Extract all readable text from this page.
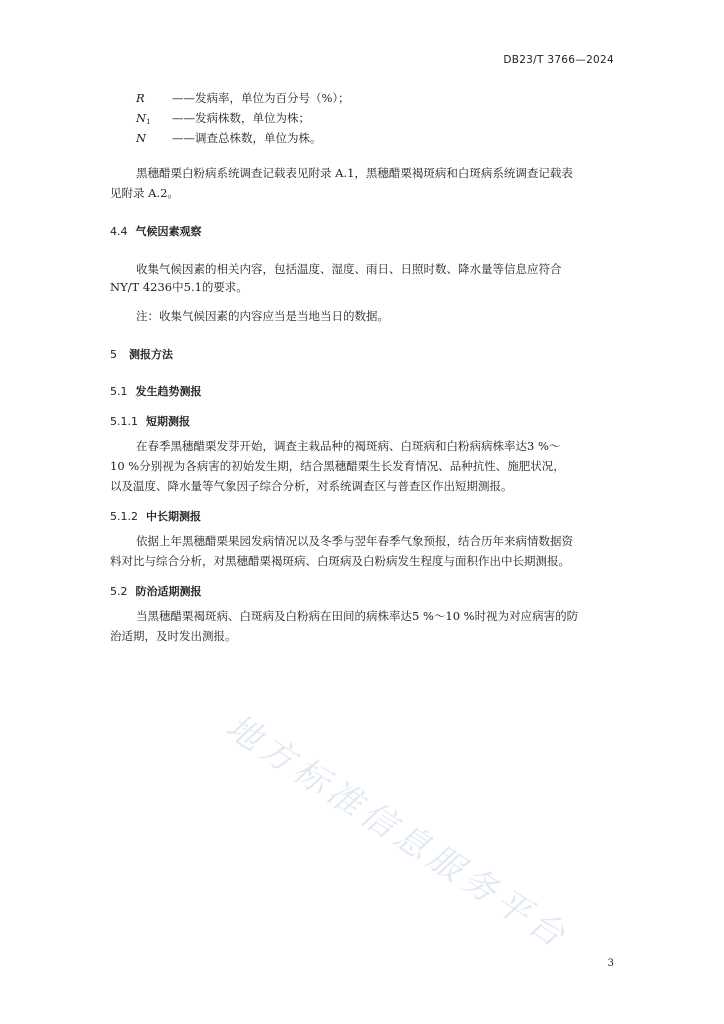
DB23/T 3766—2024
R ——发病率，单位为百分号（%）；
$N_1$ ——发病株数，单位为株；
N ——调查总株数，单位为株。
黑穗醋栗白粉病系统调查记载表见附录 A.1，黑穗醋栗褐斑病和白斑病系统调查记载表
见附录 A.2。
4.4 气候因素观察
收集气候因素的相关内容，包括温度、湿度、雨日、日照时数、降水量等信息应符合
NY/T 4236中5.1的要求。
注：收集气候因素的内容应当是当地当日的数据。
5 测报方法
5.1 发生趋势测报
5.1.1 短期测报
在春季黑穗醋栗发芽开始，调查主栽品种的褐斑病、白斑病和白粉病病株率达3 %～
10 %分别视为各病害的初始发生期，结合黑穗醋栗生长发育情况、品种抗性、施肥状况，
以及温度、降水量等气象因子综合分析，对系统调查区与普查区作出短期测报。
5.1.2 中长期测报
依据上年黑穗醋栗果园发病情况以及冬季与翌年春季气象预报，结合历年来病情数据资
料对比与综合分析，对黑穗醋栗褐斑病、白斑病及白粉病发生程度与面积作出中长期测报。
5.2 防治适期测报
当黑穗醋栗褐斑病、白斑病及白粉病在田间的病株率达5 %～10 %时视为对应病害的防
治适期，及时发出测报。
地方标准信息服务平台
3
